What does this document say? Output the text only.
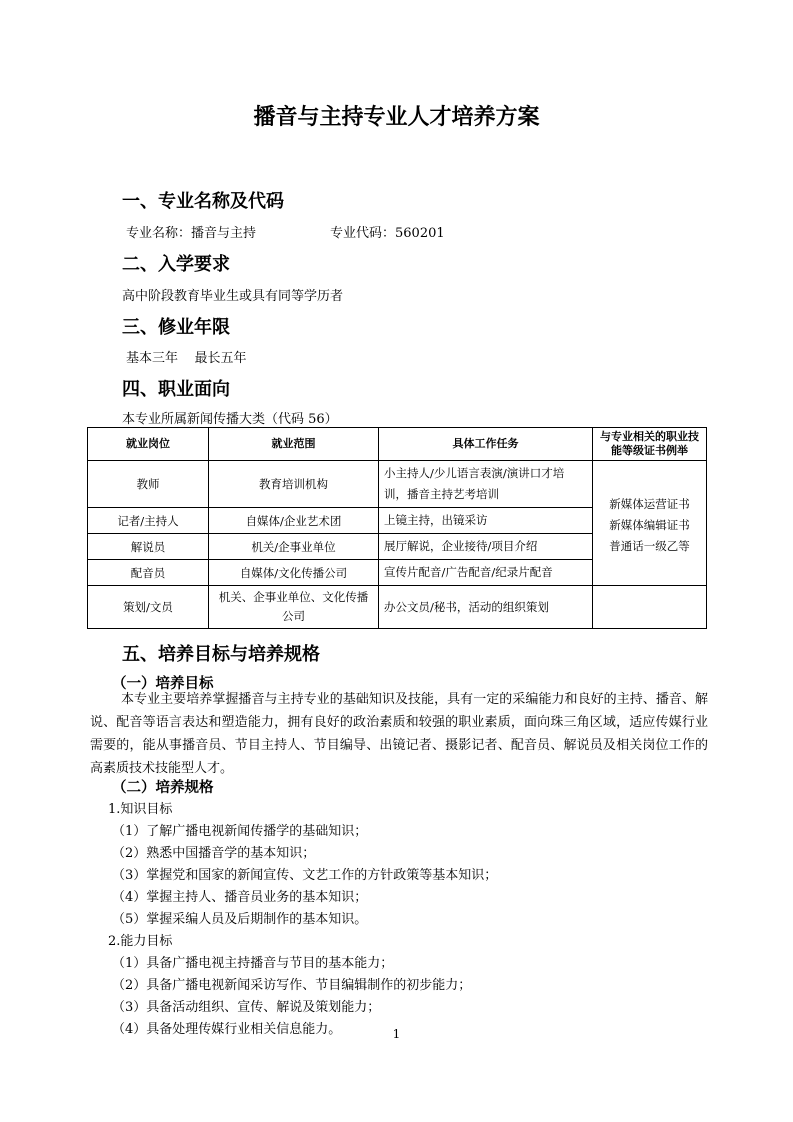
播音与主持专业人才培养方案
一、专业名称及代码
专业名称：播音与主持	专业代码：560201
二、入学要求
高中阶段教育毕业生或具有同等学历者
三、修业年限
基本三年    最长五年
四、职业面向
本专业所属新闻传播大类（代码 56）
就业岗位	就业范围	具体工作任务	与专业相关的职业技能等级证书例举
教师	教育培训机构	小主持人/少儿语言表演/演讲口才培训，播音主持艺考培训	新媒体运营证书
新媒体编辑证书
普通话一级乙等

记者/主持人	自媒体/企业艺术团	上镜主持，出镜采访	
解说员	机关/企事业单位	展厅解说，企业接待/项目介绍	
配音员	自媒体/文化传播公司	宣传片配音/广告配音/纪录片配音	
策划/文员	机关、企事业单位、文化传播公司	办公文员/秘书，活动的组织策划	
五、培养目标与培养规格
（一）培养目标
本专业主要培养掌握播音与主持专业的基础知识及技能，具有一定的采编能力和良好的主持、播音、解说、配音等语言表达和塑造能力，拥有良好的政治素质和较强的职业素质，面向珠三角区域，适应传媒行业需要的，能从事播音员、节目主持人、节目编导、出镜记者、摄影记者、配音员、解说员及相关岗位工作的高素质技术技能型人才。
（二）培养规格
1.知识目标
（1）了解广播电视新闻传播学的基础知识；
（2）熟悉中国播音学的基本知识；
（3）掌握党和国家的新闻宣传、文艺工作的方针政策等基本知识；
（4）掌握主持人、播音员业务的基本知识；
（5）掌握采编人员及后期制作的基本知识。
2.能力目标
（1）具备广播电视主持播音与节目的基本能力；
（2）具备广播电视新闻采访写作、节目编辑制作的初步能力；
（3）具备活动组织、宣传、解说及策划能力；
（4）具备处理传媒行业相关信息能力。	1
